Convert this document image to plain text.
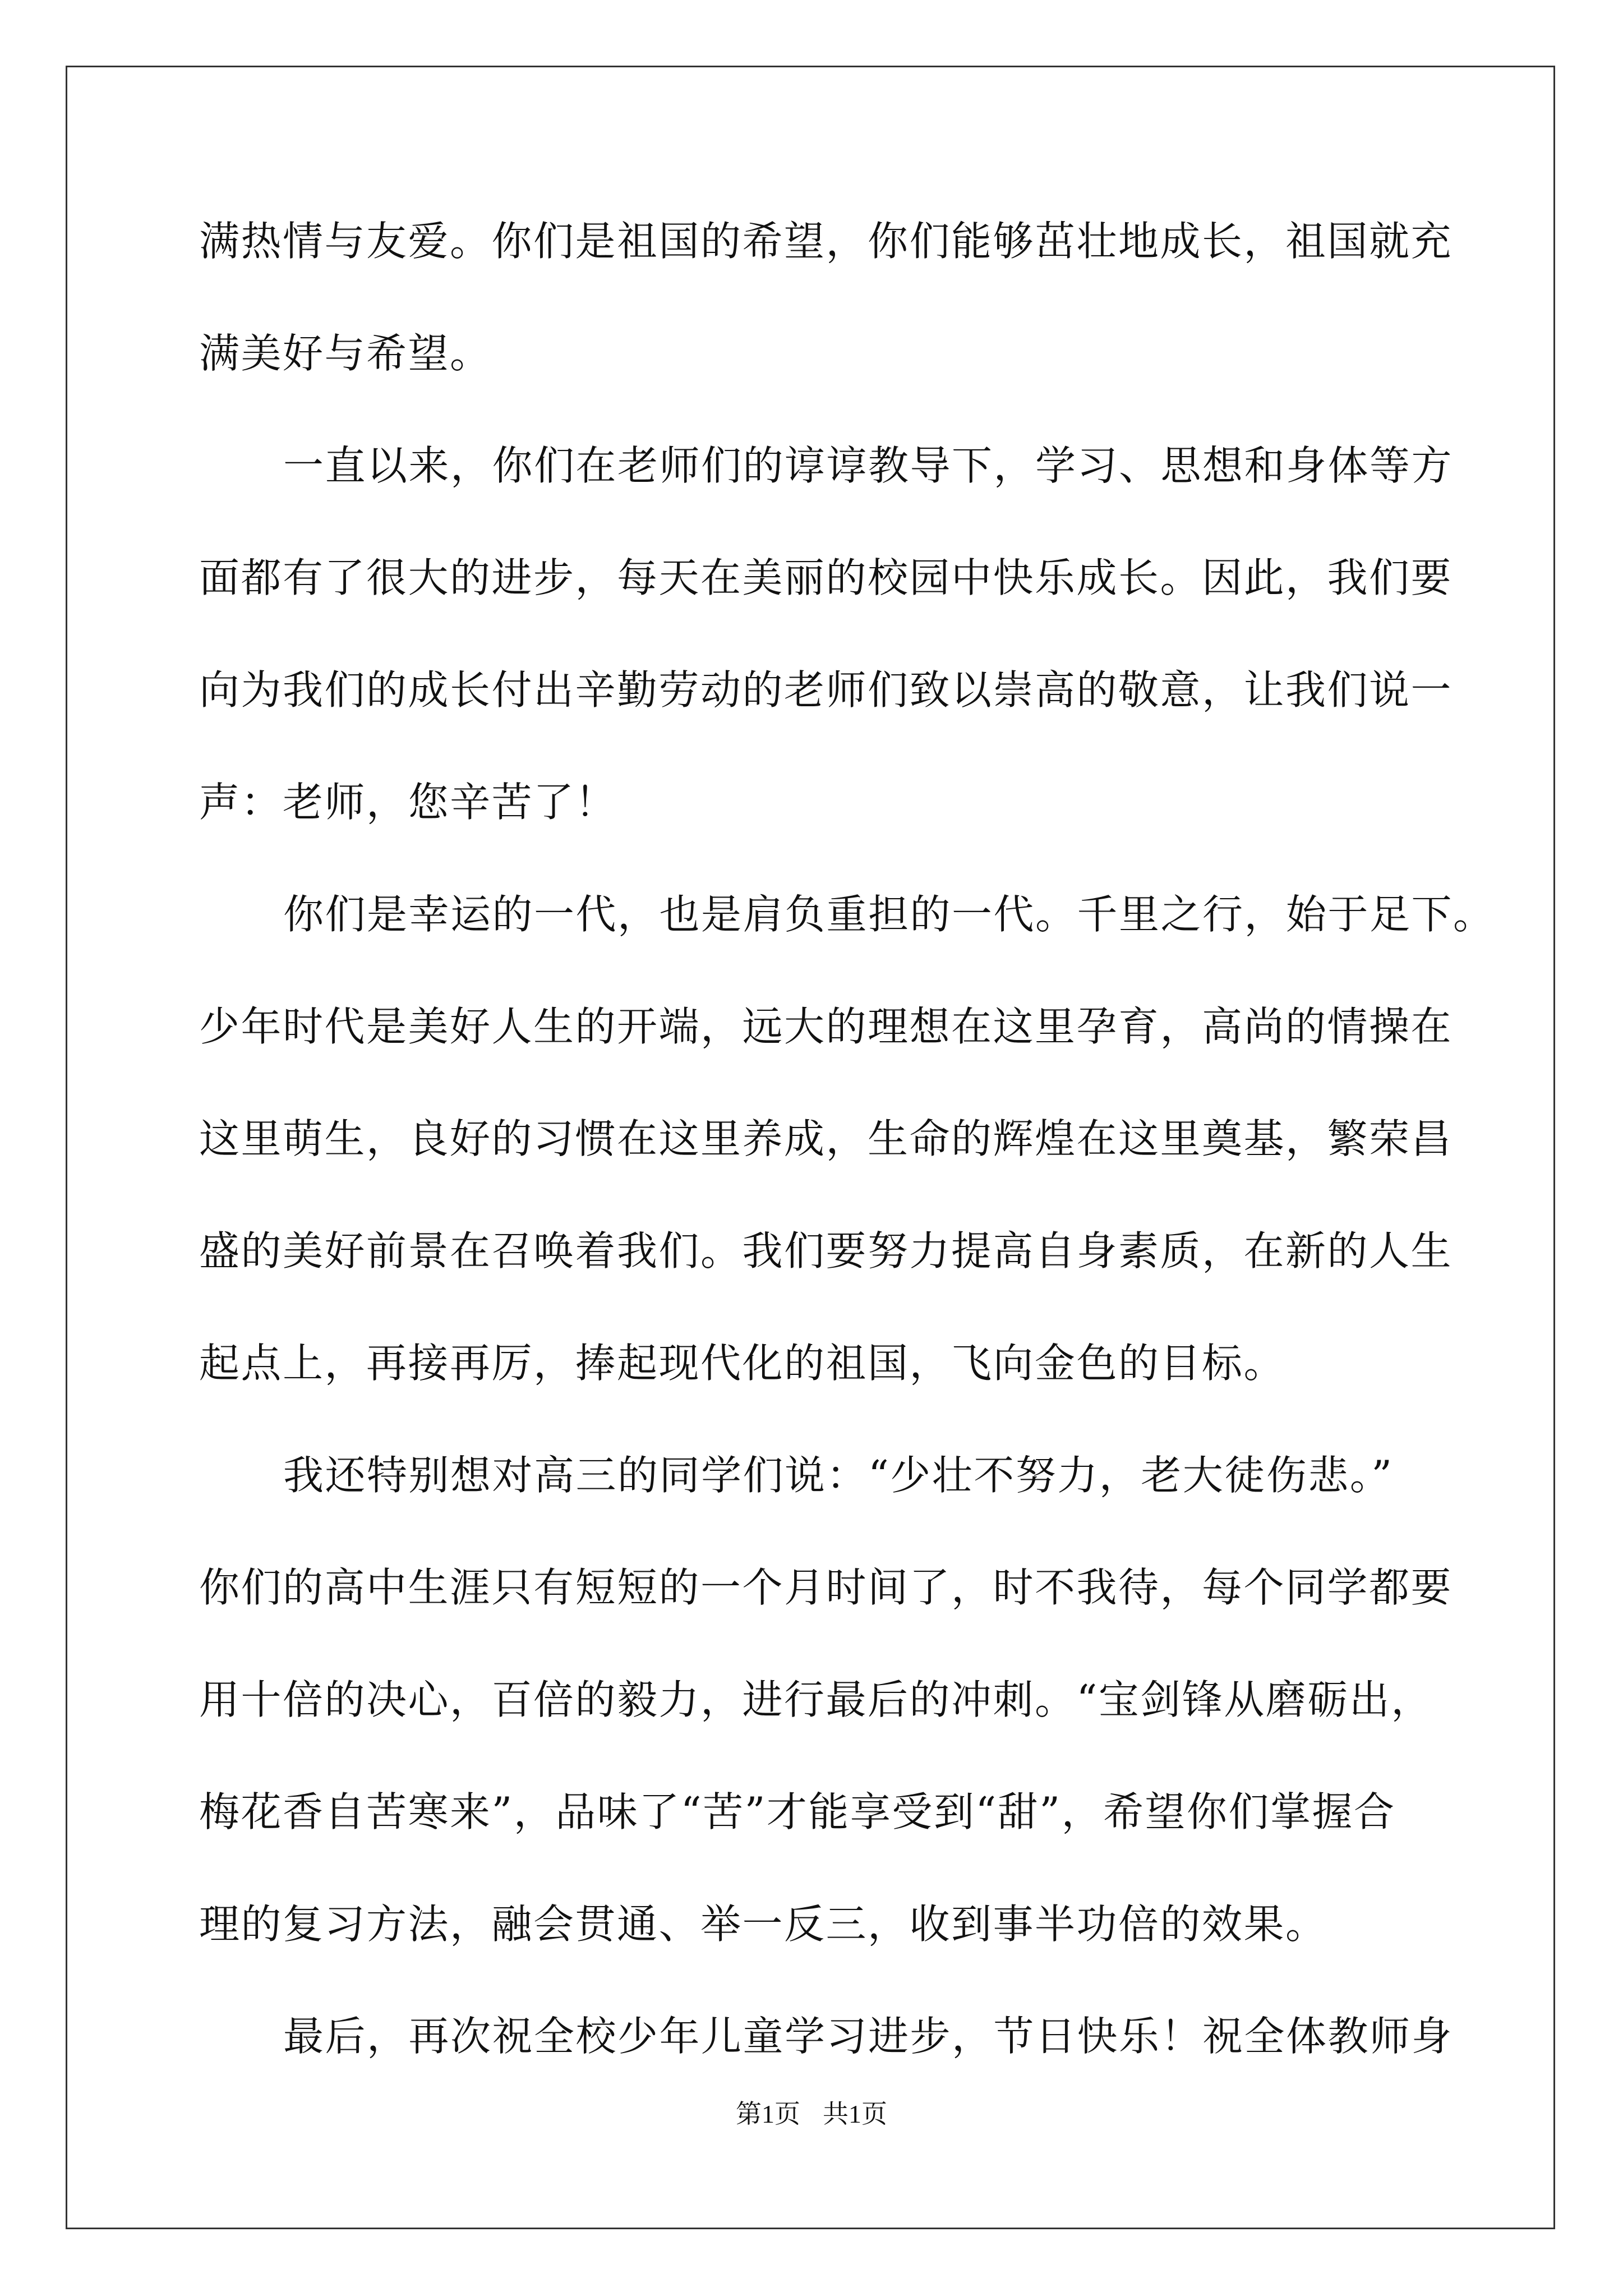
满热情与友爱。你们是祖国的希望，你们能够茁壮地成长，祖国就充
满美好与希望。
一直以来，你们在老师们的谆谆教导下，学习、思想和身体等方
面都有了很大的进步，每天在美丽的校园中快乐成长。因此，我们要
向为我们的成长付出辛勤劳动的老师们致以崇高的敬意，让我们说一
声：老师，您辛苦了！
你们是幸运的一代，也是肩负重担的一代。千里之行，始于足下。
少年时代是美好人生的开端，远大的理想在这里孕育，高尚的情操在
这里萌生，良好的习惯在这里养成，生命的辉煌在这里奠基，繁荣昌
盛的美好前景在召唤着我们。我们要努力提高自身素质，在新的人生
起点上，再接再厉，捧起现代化的祖国，飞向金色的目标。
我还特别想对高三的同学们说：“少壮不努力，老大徒伤悲。”
你们的高中生涯只有短短的一个月时间了，时不我待，每个同学都要
用十倍的决心，百倍的毅力，进行最后的冲刺。“宝剑锋从磨砺出，
梅花香自苦寒来”，品味了“苦”才能享受到“甜”，希望你们掌握合
理的复习方法，融会贯通、举一反三，收到事半功倍的效果。
最后，再次祝全校少年儿童学习进步，节日快乐！祝全体教师身
第1页 共1页
